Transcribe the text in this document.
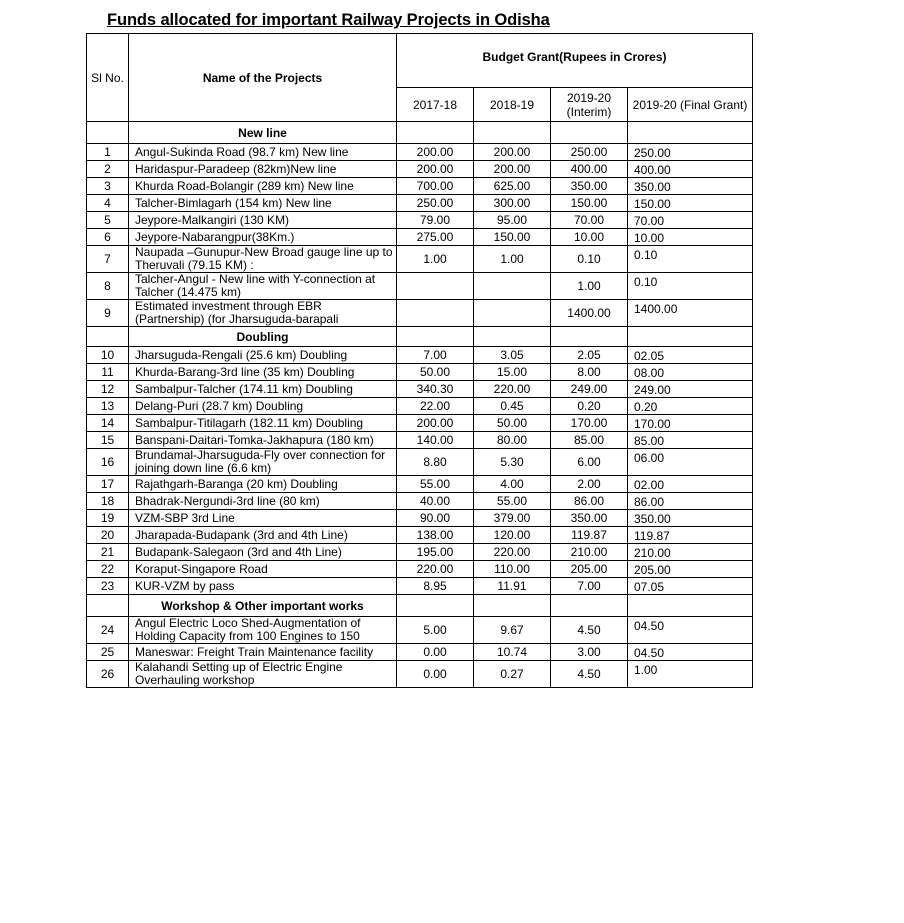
Funds allocated for important Railway Projects in Odisha
Sl No.	Name of the Projects	Budget Grant(Rupees in Crores)			
		2017-18	2018-19	2019-20 (Interim)	2019-20 (Final Grant)
	New line				
1	Angul-Sukinda Road (98.7 km) New line	200.00	200.00	250.00	250.00
2	Haridaspur-Paradeep (82km)New line	200.00	200.00	400.00	400.00
3	Khurda Road-Bolangir (289 km) New line	700.00	625.00	350.00	350.00
4	Talcher-Bimlagarh (154 km) New line	250.00	300.00	150.00	150.00
5	Jeypore-Malkangiri (130 KM)	79.00	95.00	70.00	70.00
6	Jeypore-Nabarangpur(38Km.)	275.00	150.00	10.00	10.00
7	Naupada –Gunupur-New Broad gauge line up to Theruvali (79.15 KM) :	1.00	1.00	0.10	0.10
8	Talcher-Angul - New line with Y-connection at Talcher (14.475 km)			1.00	0.10
9	Estimated investment through EBR (Partnership) (for Jharsuguda-barapali			1400.00	1400.00
	Doubling				
10	Jharsuguda-Rengali (25.6 km) Doubling	7.00	3.05	2.05	02.05
11	Khurda-Barang-3rd line (35 km) Doubling	50.00	15.00	8.00	08.00
12	Sambalpur-Talcher (174.11 km) Doubling	340.30	220.00	249.00	249.00
13	Delang-Puri (28.7 km) Doubling	22.00	0.45	0.20	0.20
14	Sambalpur-Titilagarh (182.11 km) Doubling	200.00	50.00	170.00	170.00
15	Banspani-Daitari-Tomka-Jakhapura (180 km)	140.00	80.00	85.00	85.00
16	Brundamal-Jharsuguda-Fly over connection for joining down line (6.6 km)	8.80	5.30	6.00	06.00
17	Rajathgarh-Baranga (20 km) Doubling	55.00	4.00	2.00	02.00
18	Bhadrak-Nergundi-3rd line (80 km)	40.00	55.00	86.00	86.00
19	VZM-SBP 3rd Line	90.00	379.00	350.00	350.00
20	Jharapada-Budapank (3rd and 4th Line)	138.00	120.00	119.87	119.87
21	Budapank-Salegaon (3rd and 4th Line)	195.00	220.00	210.00	210.00
22	Koraput-Singapore Road	220.00	110.00	205.00	205.00
23	KUR-VZM by pass	8.95	11.91	7.00	07.05
	Workshop & Other important works				
24	Angul Electric Loco Shed-Augmentation of Holding Capacity from 100 Engines to 150	5.00	9.67	4.50	04.50
25	Maneswar: Freight Train Maintenance facility	0.00	10.74	3.00	04.50
26	Kalahandi Setting up of Electric Engine Overhauling workshop	0.00	0.27	4.50	1.00
